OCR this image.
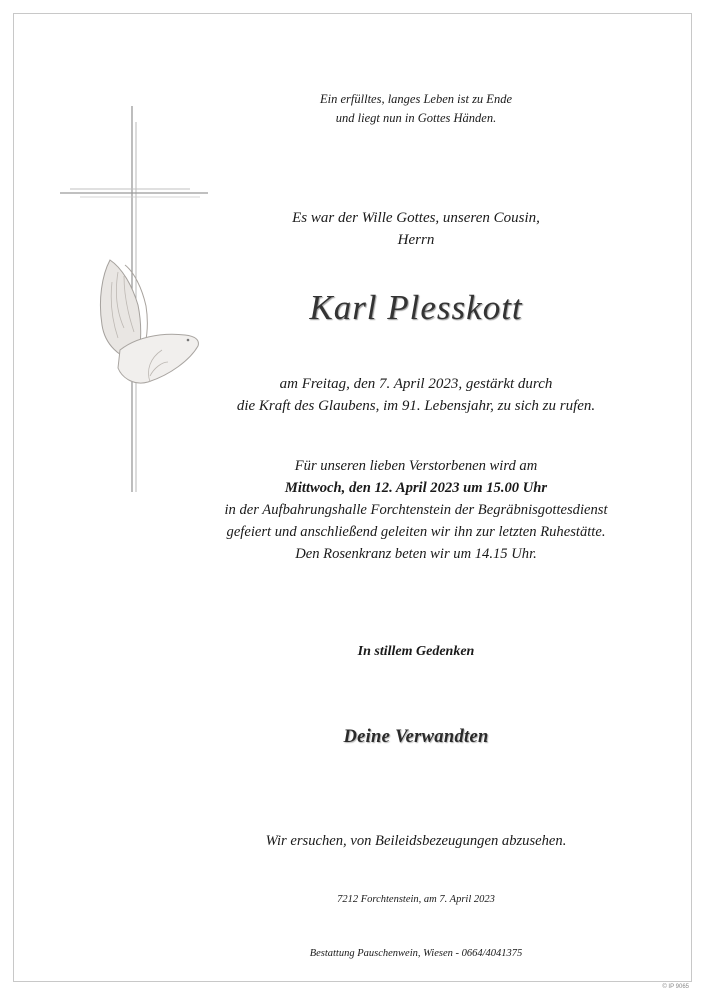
Ein erfülltes, langes Leben ist zu Ende
und liegt nun in Gottes Händen.

Es war der Wille Gottes, unseren Cousin,
Herrn

Karl Plesskott

am Freitag, den 7. April 2023, gestärkt durch
die Kraft des Glaubens, im 91. Lebensjahr, zu sich zu rufen.

Für unseren lieben Verstorbenen wird am
Mittwoch, den 12. April 2023 um 15.00 Uhr
in der Aufbahrungshalle Forchtenstein der Begräbnisgottesdienst
gefeiert und anschließend geleiten wir ihn zur letzten Ruhestätte.
Den Rosenkranz beten wir um 14.15 Uhr.

In stillem Gedenken

Deine Verwandten

Wir ersuchen, von Beileidsbezeugungen abzusehen.

7212 Forchtenstein, am 7. April 2023

Bestattung Pauschenwein, Wiesen - 0664/4041375

© IP 9065
